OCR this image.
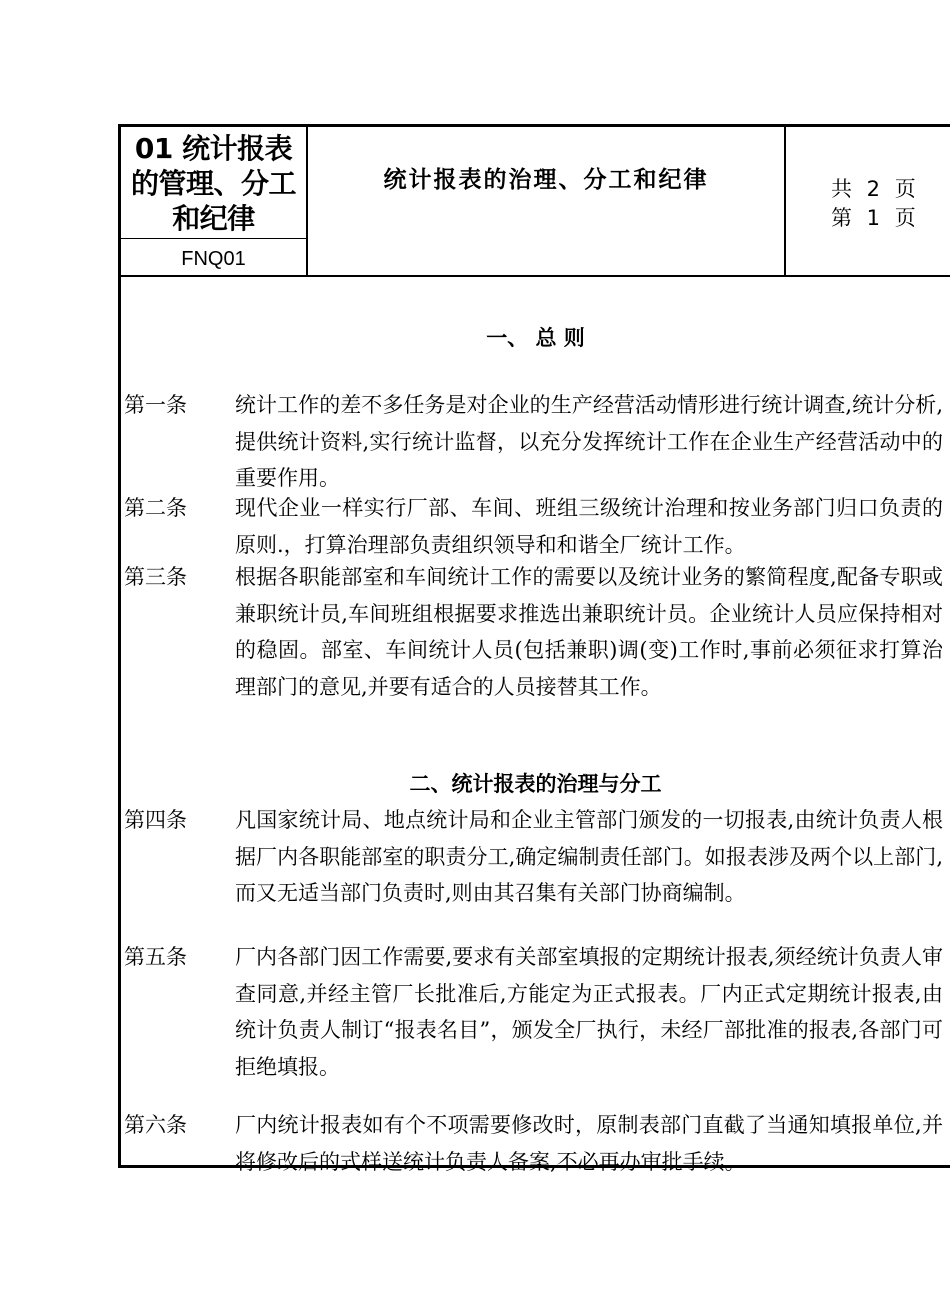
01 统计报表
的管理、分工
和纪律
FNQ01
统计报表的治理、分工和纪律	共 2 页
第 1 页
一、 总 则
第一条 统计工作的差不多任务是对企业的生产经营活动情形进行统计调查,统计分析,提供统计资料,实行统计监督，以充分发挥统计工作在企业生产经营活动中的重要作用。
第二条 现代企业一样实行厂部、车间、班组三级统计治理和按业务部门归口负责的原则.，打算治理部负责组织领导和和谐全厂统计工作。
第三条 根据各职能部室和车间统计工作的需要以及统计业务的繁简程度,配备专职或兼职统计员,车间班组根据要求推选出兼职统计员。企业统计人员应保持相对的稳固。部室、车间统计人员(包括兼职)调(变)工作时,事前必须征求打算治理部门的意见,并要有适合的人员接替其工作。
二、统计报表的治理与分工
第四条 凡国家统计局、地点统计局和企业主管部门颁发的一切报表,由统计负责人根据厂内各职能部室的职责分工,确定编制责任部门。如报表涉及两个以上部门,而又无适当部门负责时,则由其召集有关部门协商编制。
第五条 厂内各部门因工作需要,要求有关部室填报的定期统计报表,须经统计负责人审查同意,并经主管厂长批准后,方能定为正式报表。厂内正式定期统计报表,由统计负责人制订“报表名目”，颁发全厂执行，未经厂部批准的报表,各部门可拒绝填报。
第六条 厂内统计报表如有个不项需要修改时，原制表部门直截了当通知填报单位,并将修改后的式样送统计负责人备案,不必再办审批手续。
